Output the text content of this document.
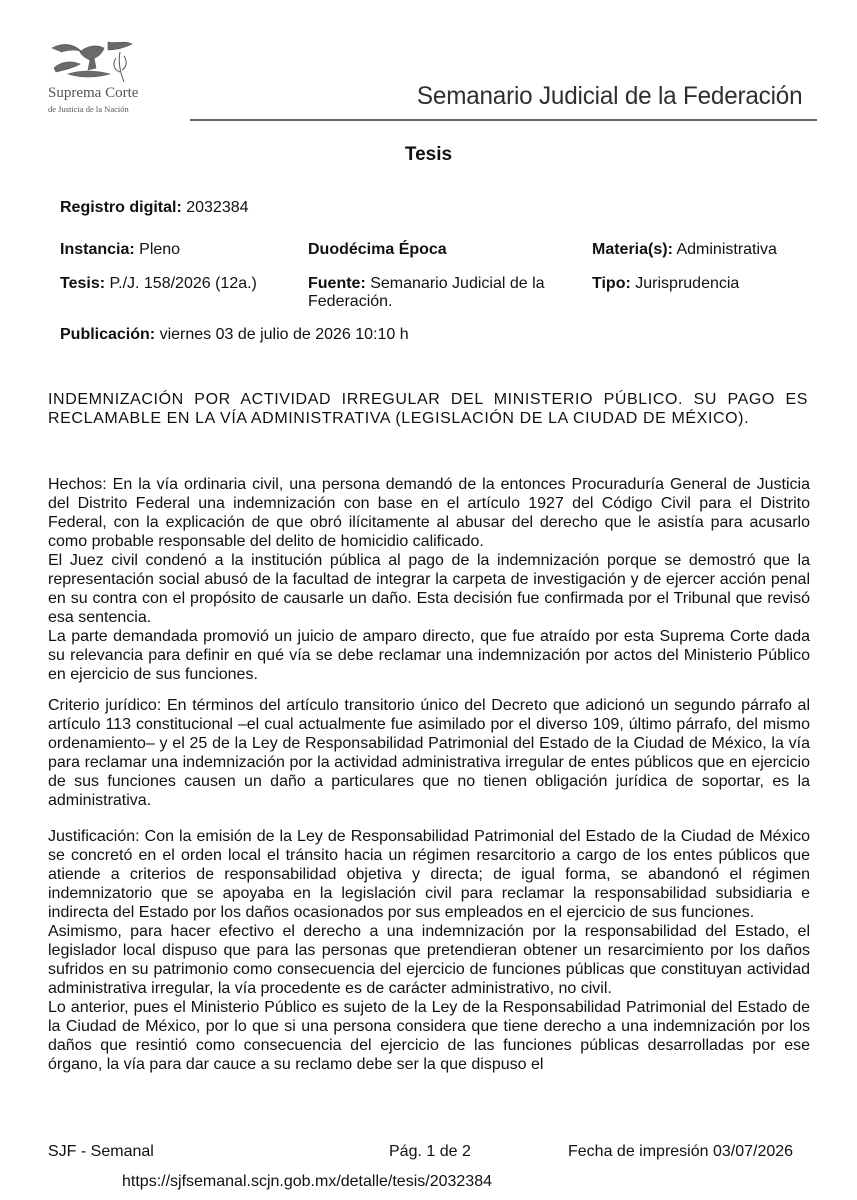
Suprema Corte
de Justicia de la Nación	Semanario Judicial de la Federación
Tesis
Registro digital: 2032384
Instancia: Pleno	Duodécima Época	Materia(s): Administrativa
Tesis: P./J. 158/2026 (12a.)	Fuente: Semanario Judicial de la Federación.
Tipo: Jurisprudencia
Publicación: viernes 03 de julio de 2026 10:10 h
INDEMNIZACIÓN POR ACTIVIDAD IRREGULAR DEL MINISTERIO PÚBLICO. SU PAGO ES RECLAMABLE EN LA VÍA ADMINISTRATIVA (LEGISLACIÓN DE LA CIUDAD DE MÉXICO).

Hechos: En la vía ordinaria civil, una persona demandó de la entonces Procuraduría General de Justicia del Distrito Federal una indemnización con base en el artículo 1927 del Código Civil para el Distrito Federal, con la explicación de que obró ilícitamente al abusar del derecho que le asistía para acusarlo como probable responsable del delito de homicidio calificado.

El Juez civil condenó a la institución pública al pago de la indemnización porque se demostró que la representación social abusó de la facultad de integrar la carpeta de investigación y de ejercer acción penal en su contra con el propósito de causarle un daño. Esta decisión fue confirmada por el Tribunal que revisó esa sentencia.

La parte demandada promovió un juicio de amparo directo, que fue atraído por esta Suprema Corte dada su relevancia para definir en qué vía se debe reclamar una indemnización por actos del Ministerio Público en ejercicio de sus funciones.

Criterio jurídico: En términos del artículo transitorio único del Decreto que adicionó un segundo párrafo al artículo 113 constitucional –el cual actualmente fue asimilado por el diverso 109, último párrafo, del mismo ordenamiento– y el 25 de la Ley de Responsabilidad Patrimonial del Estado de la Ciudad de México, la vía para reclamar una indemnización por la actividad administrativa irregular de entes públicos que en ejercicio de sus funciones causen un daño a particulares que no tienen obligación jurídica de soportar, es la administrativa.

Justificación: Con la emisión de la Ley de Responsabilidad Patrimonial del Estado de la Ciudad de México se concretó en el orden local el tránsito hacia un régimen resarcitorio a cargo de los entes públicos que atiende a criterios de responsabilidad objetiva y directa; de igual forma, se abandonó el régimen indemnizatorio que se apoyaba en la legislación civil para reclamar la responsabilidad subsidiaria e indirecta del Estado por los daños ocasionados por sus empleados en el ejercicio de sus funciones.

Asimismo, para hacer efectivo el derecho a una indemnización por la responsabilidad del Estado, el legislador local dispuso que para las personas que pretendieran obtener un resarcimiento por los daños sufridos en su patrimonio como consecuencia del ejercicio de funciones públicas que constituyan actividad administrativa irregular, la vía procedente es de carácter administrativo, no civil.

Lo anterior, pues el Ministerio Público es sujeto de la Ley de la Responsabilidad Patrimonial del Estado de la Ciudad de México, por lo que si una persona considera que tiene derecho a una indemnización por los daños que resintió como consecuencia del ejercicio de las funciones públicas desarrolladas por ese órgano, la vía para dar cauce a su reclamo debe ser la que dispuso el

SJF - Semanal	Pág. 1 de 2	Fecha de impresión 03/07/2026
https://sjfsemanal.scjn.gob.mx/detalle/tesis/2032384
